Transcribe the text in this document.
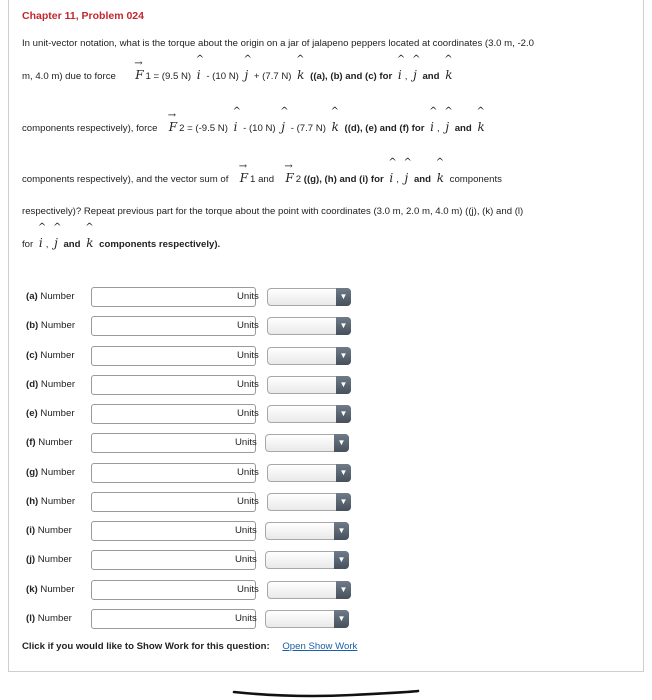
Chapter 11, Problem 024
In unit-vector notation, what is the torque about the origin on a jar of jalapeno peppers located at coordinates (3.0 m, -2.0
m, 4.0 m) due to force
→
F 1 = (9.5 N)
^
i - (10 N)
^
j + (7.7 N)
^
k ((a), (b) and (c) for
^
i ,
^
j and
^
k
components respectively), force
→
F 2 = (-9.5 N)
^
i - (10 N)
^
j - (7.7 N)
^
k ((d), (e) and (f) for
^
i ,
^
j and
^
k
components respectively), and the vector sum of
→
F 1 and
→
F 2 ((g), (h) and (i) for
^
i ,
^
j and
^
k components
respectively)? Repeat previous part for the torque about the point with coordinates (3.0 m, 2.0 m, 4.0 m) ((j), (k) and (l)
for
^
i ,
^
j and
^
k components respectively).
(a) Number	Units	▼
(b) Number	Units	▼
(c) Number	Units	▼
(d) Number	Units	▼
(e) Number	Units	▼
(f) Number	Units	▼
(g) Number	Units	▼
(h) Number	Units	▼
(i) Number	Units	▼
(j) Number	Units	▼
(k) Number	Units	▼
(l) Number	Units	▼
Click if you would like to Show Work for this question: Open Show Work
